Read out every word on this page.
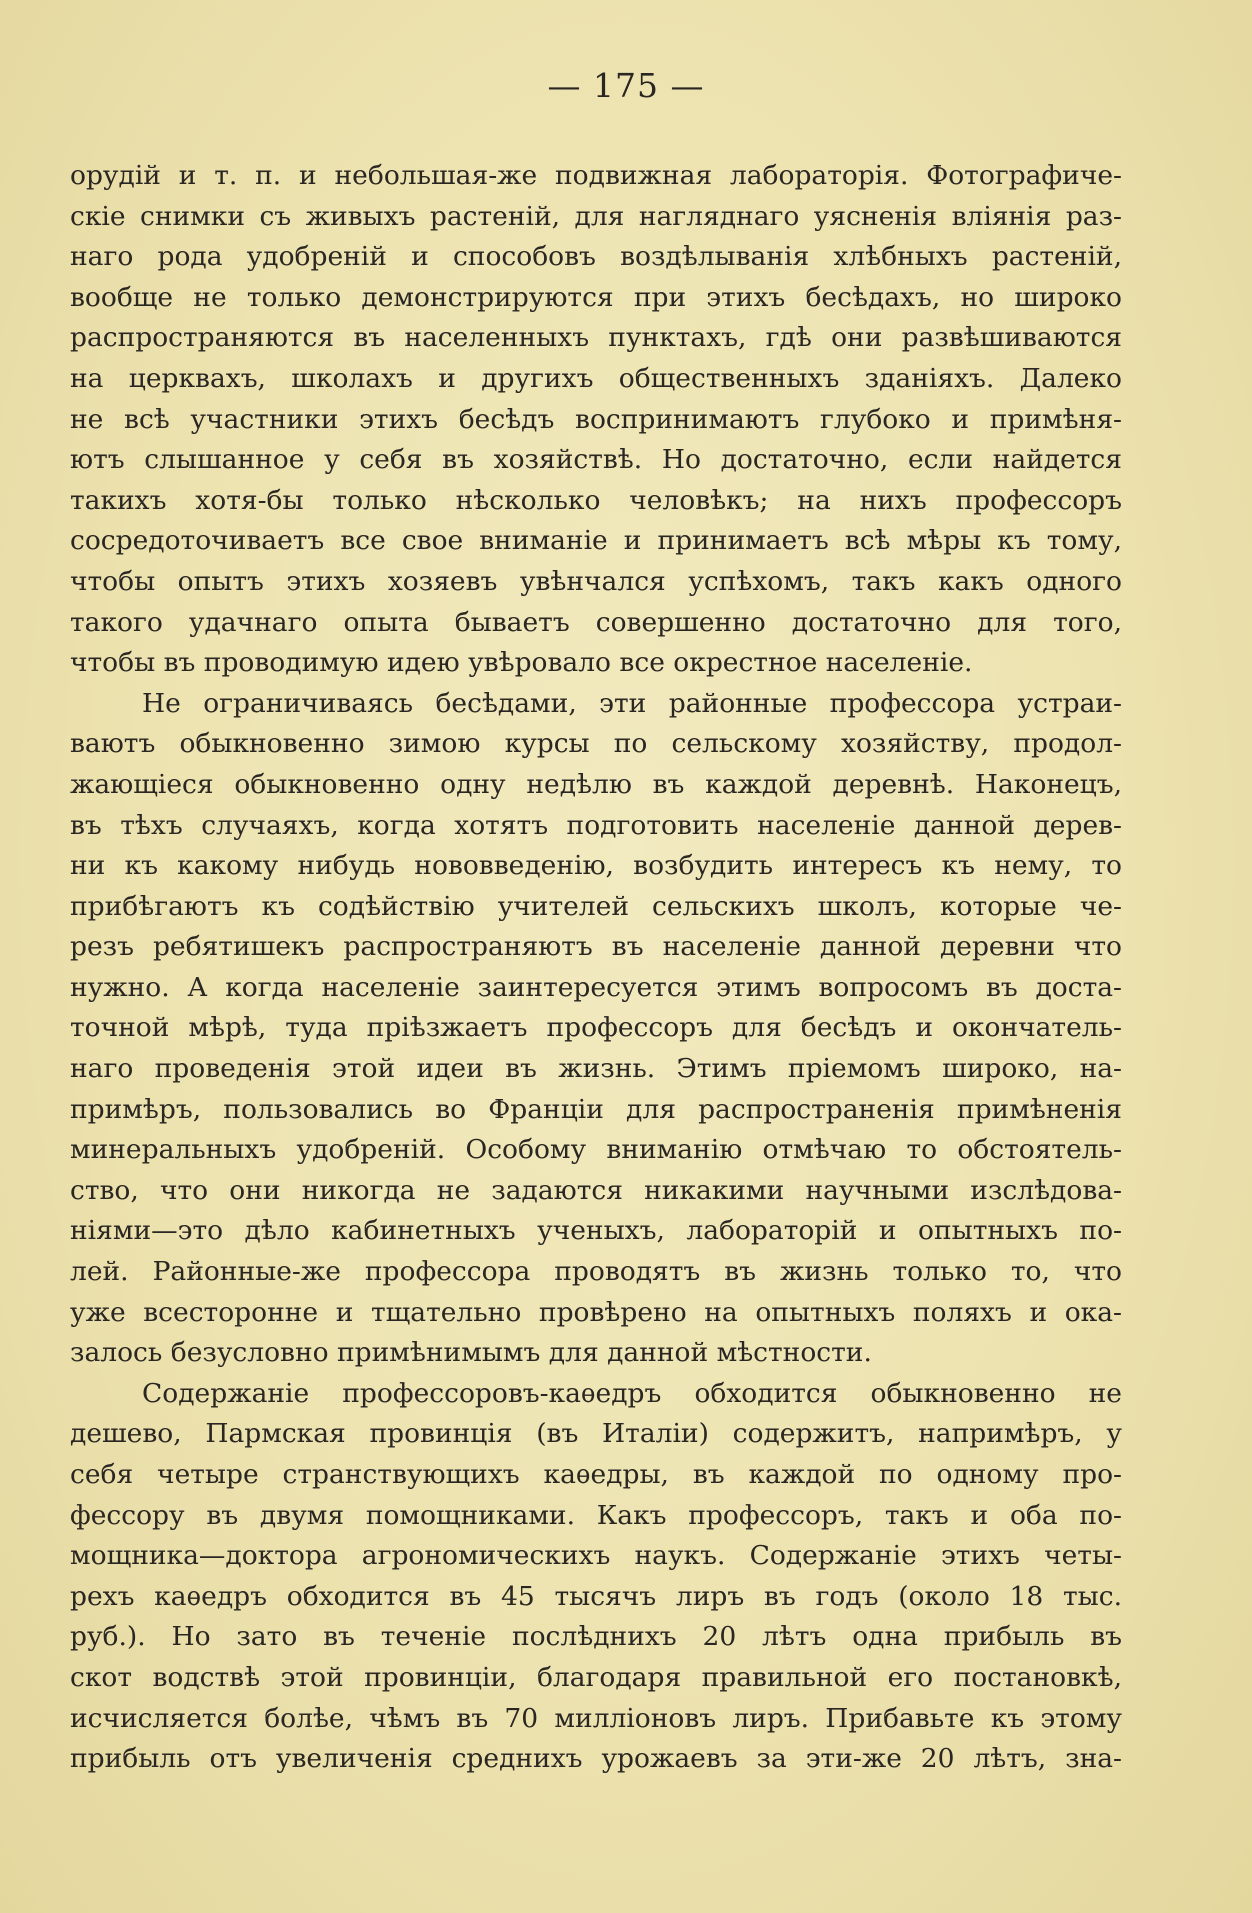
— 175 —
орудій и т. п. и небольшая-же подвижная лабораторія. Фотографиче-
скіе снимки съ живыхъ растеній, для нагляднаго уясненія вліянія раз-
наго рода удобреній и способовъ воздѣлыванія хлѣбныхъ растеній,
вообще не только демонстрируются при этихъ бесѣдахъ, но широко
распространяются въ населенныхъ пунктахъ, гдѣ они развѣшиваются
на церквахъ, школахъ и другихъ общественныхъ зданіяхъ. Далеко
не всѣ участники этихъ бесѣдъ воспринимаютъ глубоко и примѣня-
ютъ слышанное у себя въ хозяйствѣ. Но достаточно, если найдется
такихъ хотя-бы только нѣсколько человѣкъ; на нихъ профессоръ
сосредоточиваетъ все свое вниманіе и принимаетъ всѣ мѣры къ тому,
чтобы опытъ этихъ хозяевъ увѣнчался успѣхомъ, такъ какъ одного
такого удачнаго опыта бываетъ совершенно достаточно для того,
чтобы въ проводимую идею увѣровало все окрестное населеніе.
Не ограничиваясь бесѣдами, эти районные профессора устраи-
ваютъ обыкновенно зимою курсы по сельскому хозяйству, продол-
жающіеся обыкновенно одну недѣлю въ каждой деревнѣ. Наконецъ,
въ тѣхъ случаяхъ, когда хотятъ подготовить населеніе данной дерев-
ни къ какому нибудь нововведенію, возбудить интересъ къ нему, то
прибѣгаютъ къ содѣйствію учителей сельскихъ школъ, которые че-
резъ ребятишекъ распространяютъ въ населеніе данной деревни что
нужно. А когда населеніе заинтересуется этимъ вопросомъ въ доста-
точной мѣрѣ, туда пріѣзжаетъ профессоръ для бесѣдъ и окончатель-
наго проведенія этой идеи въ жизнь. Этимъ пріемомъ широко, на-
примѣръ, пользовались во Франціи для распространенія примѣненія
минеральныхъ удобреній. Особому вниманію отмѣчаю то обстоятель-
ство, что они никогда не задаются никакими научными изслѣдова-
ніями—это дѣло кабинетныхъ ученыхъ, лабораторій и опытныхъ по-
лей. Районные-же профессора проводятъ въ жизнь только то, что
уже всесторонне и тщательно провѣрено на опытныхъ поляхъ и ока-
залось безусловно примѣнимымъ для данной мѣстности.
Содержаніе профессоровъ-каѳедръ обходится обыкновенно не
дешево, Пармская провинція (въ Италіи) содержитъ, напримѣръ, у
себя четыре странствующихъ каѳедры, въ каждой по одному про-
фессору въ двумя помощниками. Какъ профессоръ, такъ и оба по-
мощника—доктора агрономическихъ наукъ. Содержаніе этихъ четы-
рехъ каѳедръ обходится въ 45 тысячъ лиръ въ годъ (около 18 тыс.
руб.). Но зато въ теченіе послѣднихъ 20 лѣтъ одна прибыль въ
скот водствѣ этой провинціи, благодаря правильной его постановкѣ,
исчисляется болѣе, чѣмъ въ 70 милліоновъ лиръ. Прибавьте къ этому
прибыль отъ увеличенія среднихъ урожаевъ за эти-же 20 лѣтъ, зна-
